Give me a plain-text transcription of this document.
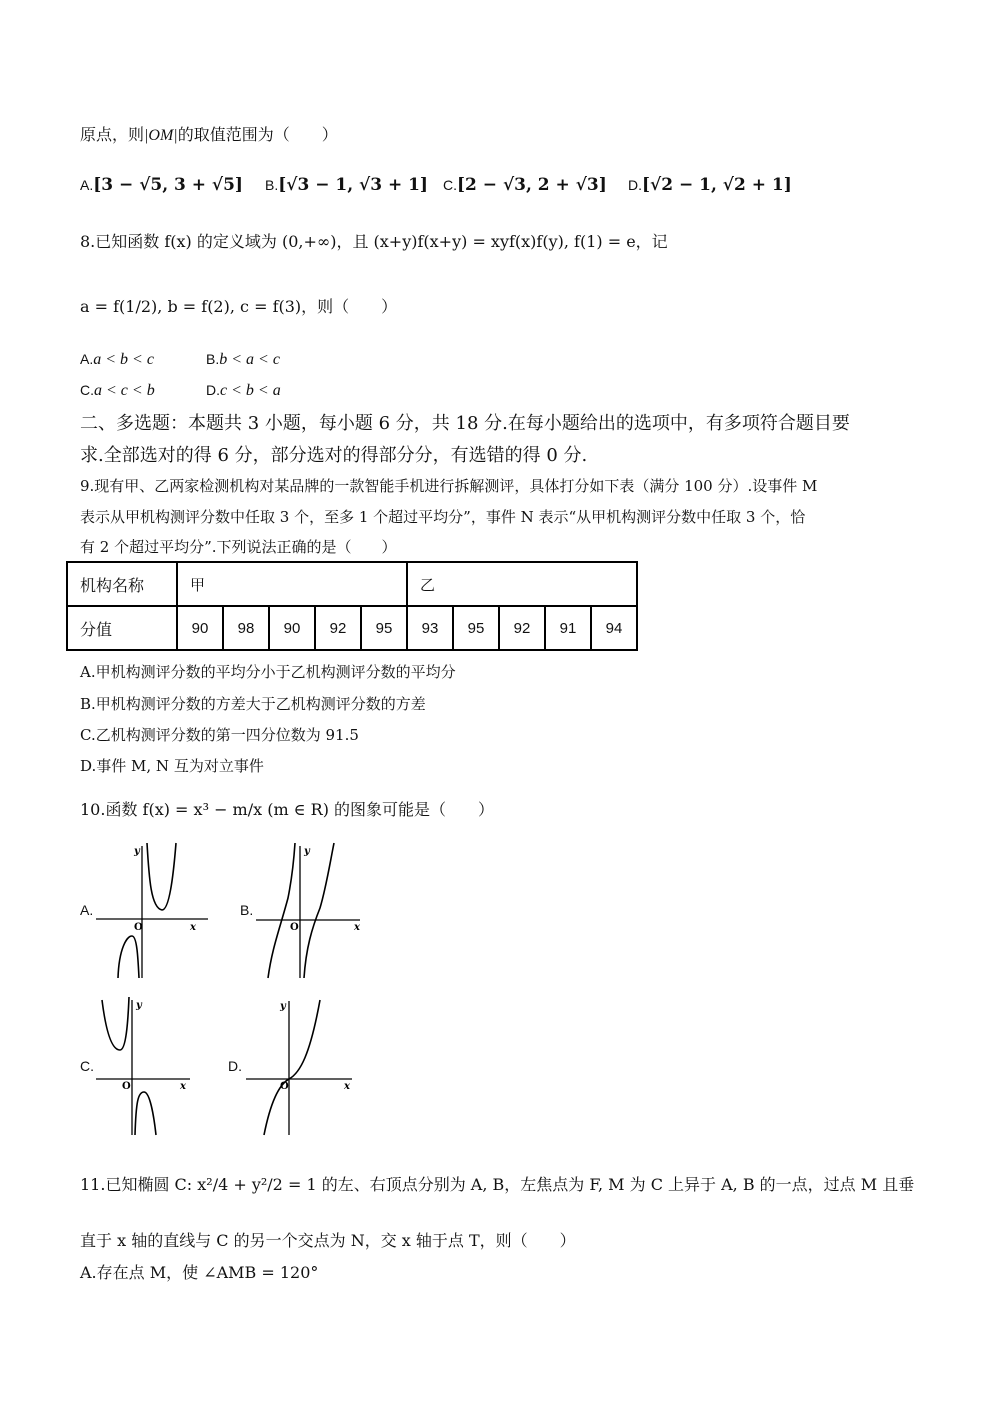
原点，则|OM|的取值范围为（　　）
A.[3 − √5, 3 + √5] B.[√3 − 1, √3 + 1] C.[2 − √3, 2 + √3] D.[√2 − 1, √2 + 1]
8.已知函数 f(x) 的定义域为 (0,+∞)，且 (x+y)f(x+y) = xyf(x)f(y), f(1) = e，记
a = f(1/2), b = f(2), c = f(3)，则（　　）
A.a < b < c	B.b < a < c
C.a < c < b	D.c < b < a
二、多选题：本题共 3 小题，每小题 6 分，共 18 分.在每小题给出的选项中，有多项符合题目要
求.全部选对的得 6 分，部分选对的得部分分，有选错的得 0 分.
9.现有甲、乙两家检测机构对某品牌的一款智能手机进行拆解测评，具体打分如下表（满分 100 分）.设事件 M
表示从甲机构测评分数中任取 3 个，至多 1 个超过平均分”，事件 N 表示“从甲机构测评分数中任取 3 个，恰
有 2 个超过平均分”.下列说法正确的是（　　）
机构名称	甲					乙				
分值	90	98	90	92	95	93	95	92	91	94
A.甲机构测评分数的平均分小于乙机构测评分数的平均分
B.甲机构测评分数的方差大于乙机构测评分数的方差
C.乙机构测评分数的第一四分位数为 91.5
D.事件 M, N 互为对立事件
10.函数 f(x) = x³ − m/x (m ∈ R) 的图象可能是（　　）
A.
y
x
O
B.
y
x
O
C.
y
x
O
D.
y
x
O
11.已知椭圆 C: x²/4 + y²/2 = 1 的左、右顶点分别为 A, B，左焦点为 F, M 为 C 上异于 A, B 的一点，过点 M 且垂
直于 x 轴的直线与 C 的另一个交点为 N，交 x 轴于点 T，则（　　）
A.存在点 M，使 ∠AMB = 120°
